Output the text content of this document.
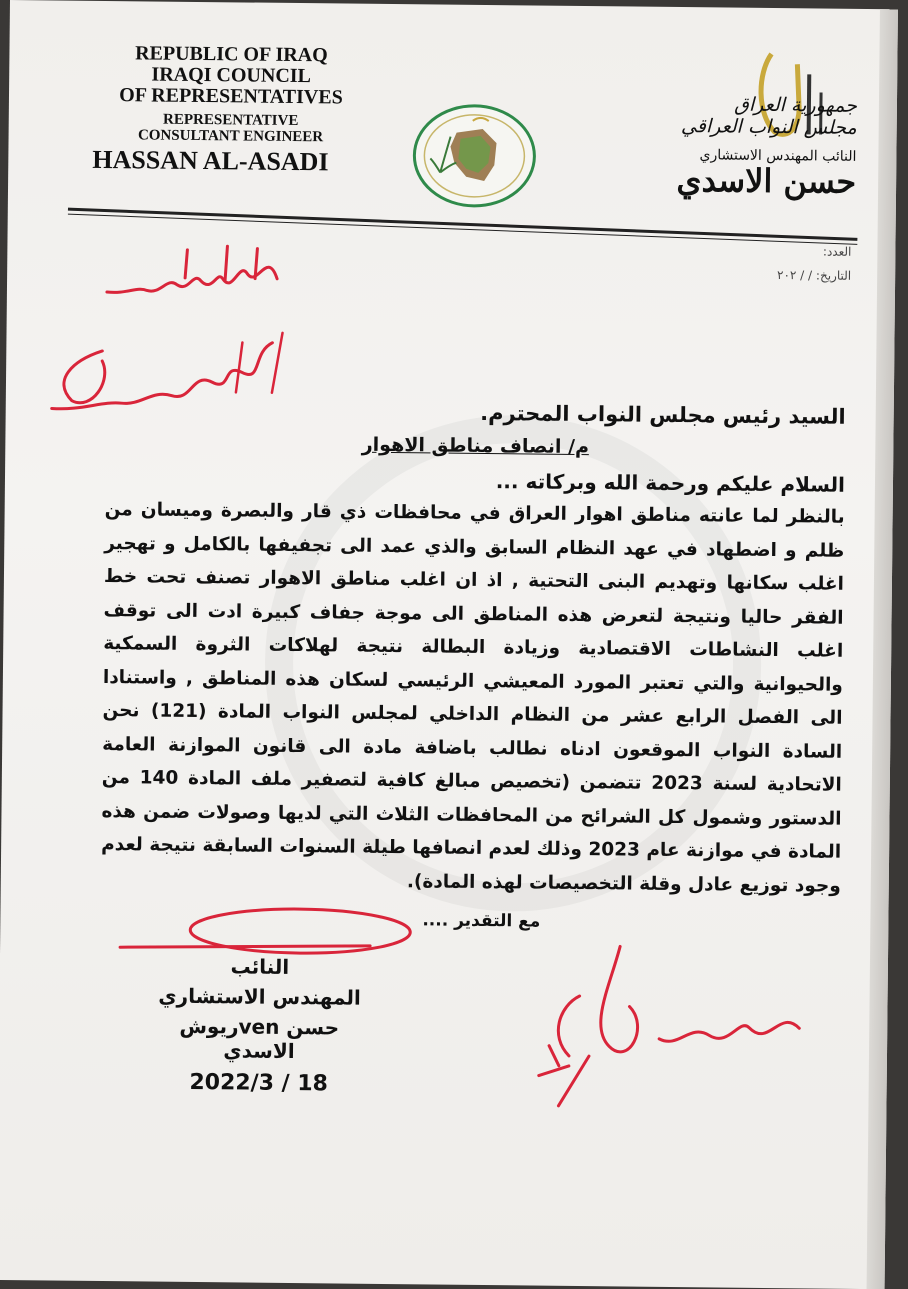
REPUBLIC OF IRAQ
IRAQI COUNCIL
OF REPRESENTATIVES
REPRESENTATIVE
CONSULTANT ENGINEER
HASSAN AL-ASADI
جمهورية العراق
مجلس النواب العراقي
النائب المهندس الاستشاري
حسن الاسدي
العدد:
التاريخ: / / ٢٠٢
السيد رئيس مجلس النواب المحترم.
م/ انصاف مناطق الاهوار
السلام عليكم ورحمة الله وبركاته ...
بالنظر لما عانته مناطق اهوار العراق في محافظات ذي قار والبصرة وميسان من ظلم و اضطهاد في عهد النظام السابق والذي عمد الى تجفيفها بالكامل و تهجير اغلب سكانها وتهديم البنى التحتية , اذ ان اغلب مناطق الاهوار تصنف تحت خط الفقر حاليا ونتيجة لتعرض هذه المناطق الى موجة جفاف كبيرة ادت الى توقف اغلب النشاطات الاقتصادية وزيادة البطالة نتيجة لهلاكات الثروة السمكية والحيوانية والتي تعتبر المورد المعيشي الرئيسي لسكان هذه المناطق , واستنادا الى الفصل الرابع عشر من النظام الداخلي لمجلس النواب المادة (121) نحن السادة النواب الموقعون ادناه نطالب باضافة مادة الى قانون الموازنة العامة الاتحادية لسنة 2023 تتضمن (تخصيص مبالغ كافية لتصفير ملف المادة 140 من الدستور وشمول كل الشرائح من المحافظات الثلاث التي لديها وصولات ضمن هذه المادة في موازنة عام 2023 وذلك لعدم انصافها طيلة السنوات السابقة نتيجة لعدم وجود توزيع عادل وقلة التخصيصات لهذه المادة).
مع التقدير ....
النائب
المهندس الاستشاري
حسن venریوش الاسدي
2022/3 / 18
